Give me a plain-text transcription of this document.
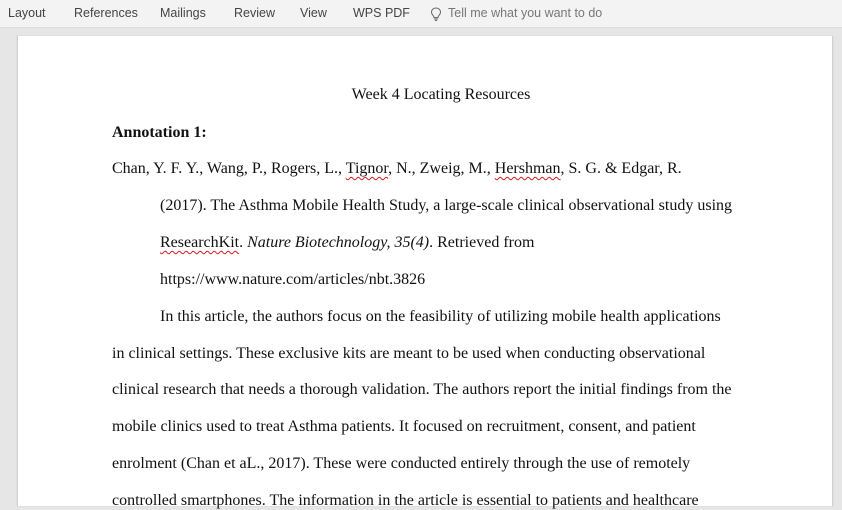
Layout References Mailings Review View WPS PDF	Tell me what you want to do
Week 4 Locating Resources
Annotation 1:
Chan, Y. F. Y., Wang, P., Rogers, L., Tignor, N., Zweig, M., Hershman, S. G. & Edgar, R.
(2017). The Asthma Mobile Health Study, a large-scale clinical observational study using
ResearchKit. Nature Biotechnology, 35(4). Retrieved from
https://www.nature.com/articles/nbt.3826
In this article, the authors focus on the feasibility of utilizing mobile health applications
in clinical settings. These exclusive kits are meant to be used when conducting observational
clinical research that needs a thorough validation. The authors report the initial findings from the
mobile clinics used to treat Asthma patients. It focused on recruitment, consent, and patient
enrolment (Chan et aL., 2017). These were conducted entirely through the use of remotely
controlled smartphones. The information in the article is essential to patients and healthcare
